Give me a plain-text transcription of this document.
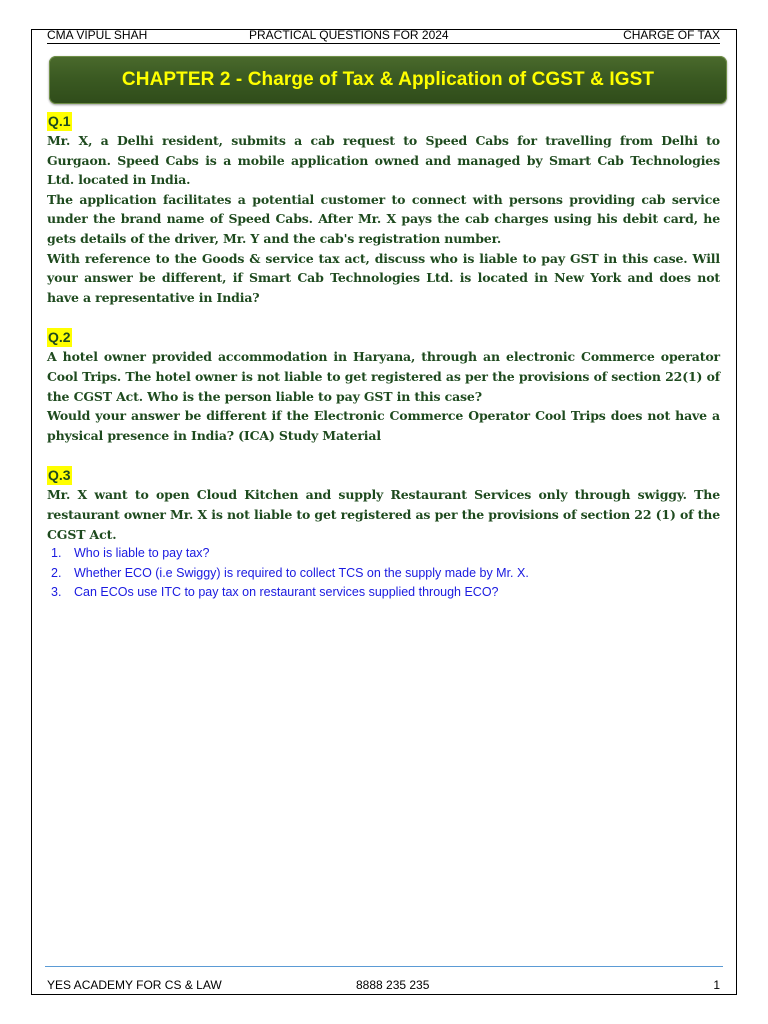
CMA VIPUL SHAH	PRACTICAL QUESTIONS FOR 2024	CHARGE OF TAX
CHAPTER 2 - Charge of Tax & Application of CGST & IGST
Q.1

Mr. X, a Delhi resident, submits a cab request to Speed Cabs for travelling from Delhi to Gurgaon. Speed Cabs is a mobile application owned and managed by Smart Cab Technologies Ltd. located in India.

The application facilitates a potential customer to connect with persons providing cab service under the brand name of Speed Cabs. After Mr. X pays the cab charges using his debit card, he gets details of the driver, Mr. Y and the cab's registration number.

With reference to the Goods & service tax act, discuss who is liable to pay GST in this case. Will your answer be different, if Smart Cab Technologies Ltd. is located in New York and does not have a representative in India?

Q.2

A hotel owner provided accommodation in Haryana, through an electronic Commerce operator Cool Trips. The hotel owner is not liable to get registered as per the provisions of section 22(1) of the CGST Act. Who is the person liable to pay GST in this case?

Would your answer be different if the Electronic Commerce Operator Cool Trips does not have a physical presence in India? (ICA) Study Material

Q.3

Mr. X want to open Cloud Kitchen and supply Restaurant Services only through swiggy. The restaurant owner Mr. X is not liable to get registered as per the provisions of section 22 (1) of the CGST Act.

1. Who is liable to pay tax?
2. Whether ECO (i.e Swiggy) is required to collect TCS on the supply made by Mr. X.
3. Can ECOs use ITC to pay tax on restaurant services supplied through ECO?
YES ACADEMY FOR CS & LAW	8888 235 235	1
